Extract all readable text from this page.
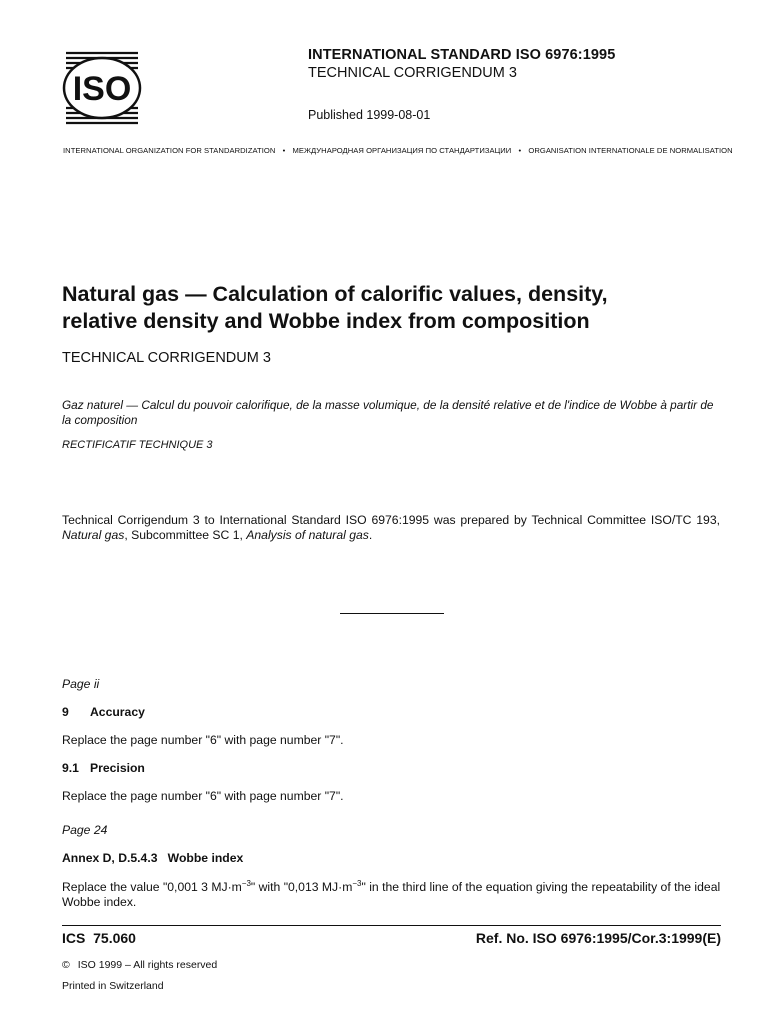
ISO
INTERNATIONAL STANDARD ISO 6976:1995
TECHNICAL CORRIGENDUM 3
Published 1999-08-01
INTERNATIONAL ORGANIZATION FOR STANDARDIZATION • МЕЖДУНАРОДНАЯ ОРГАНИЗАЦИЯ ПО СТАНДАРТИЗАЦИИ • ORGANISATION INTERNATIONALE DE NORMALISATION
Natural gas — Calculation of calorific values, density,
relative density and Wobbe index from composition
TECHNICAL CORRIGENDUM 3
Gaz naturel — Calcul du pouvoir calorifique, de la masse volumique, de la densité relative et de l'indice de Wobbe à partir de la composition
RECTIFICATIF TECHNIQUE 3
Technical Corrigendum 3 to International Standard ISO 6976:1995 was prepared by Technical Committee ISO/TC 193, Natural gas, Subcommittee SC 1, Analysis of natural gas.
Page ii
9 Accuracy
Replace the page number "6" with page number "7".
9.1 Precision
Replace the page number "6" with page number "7".
Page 24
Annex D, D.5.4.3   Wobbe index
Replace the value "0,001 3 $MJ\cdot m^{-3}$" with "0,013 $MJ\cdot m^{-3}$" in the third line of the equation giving the repeatability of the ideal Wobbe index.
ICS  75.060	Ref. No. ISO 6976:1995/Cor.3:1999(E)
© ISO 1999 – All rights reserved
Printed in Switzerland
